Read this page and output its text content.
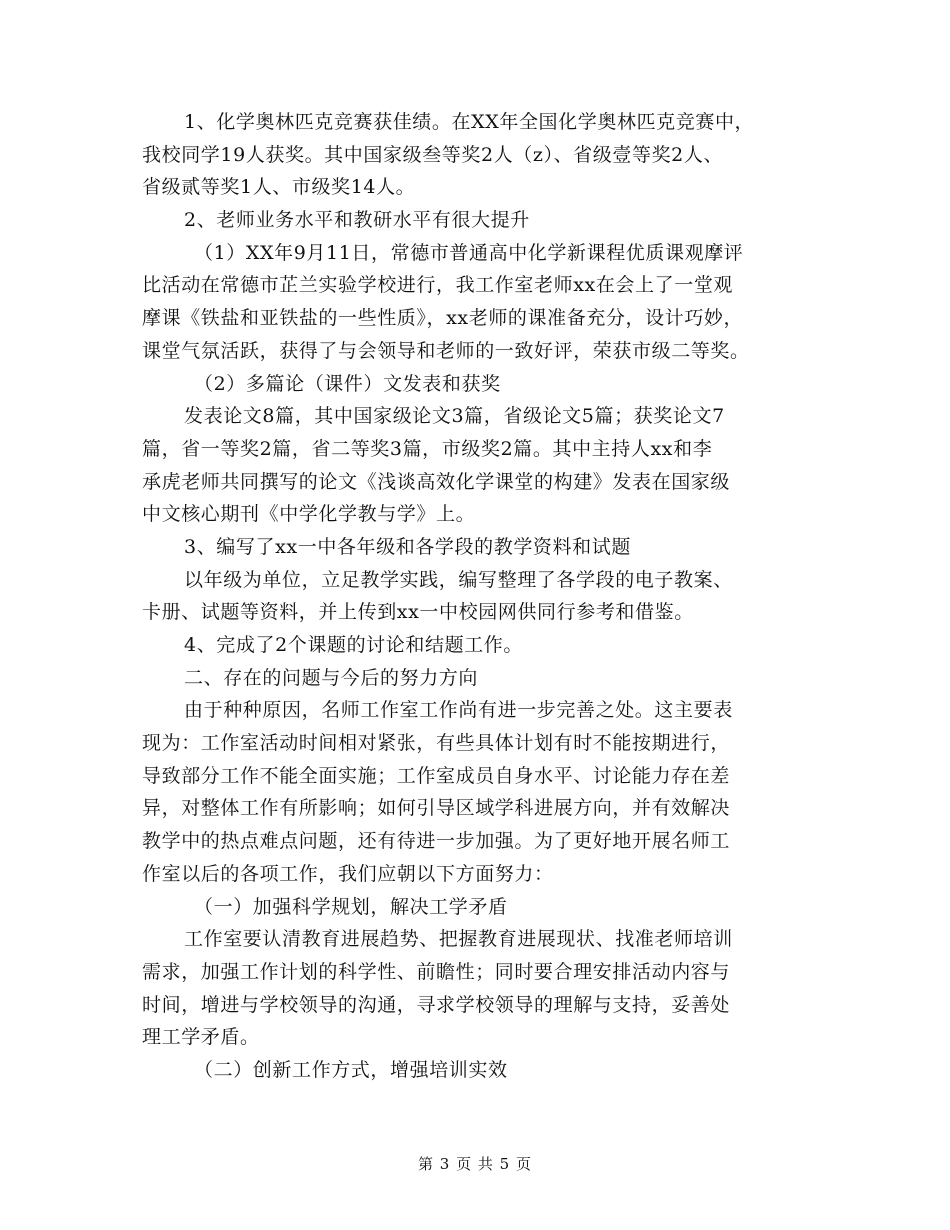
1、化学奥林匹克竞赛获佳绩。在XX年全国化学奥林匹克竞赛中，
我校同学19人获奖。其中国家级叁等奖2人（z）、省级壹等奖2人、
省级贰等奖1人、市级奖14人。
2、老师业务水平和教研水平有很大提升
（1）XX年9月11日，常德市普通高中化学新课程优质课观摩评
比活动在常德市芷兰实验学校进行，我工作室老师xx在会上了一堂观
摩课《铁盐和亚铁盐的一些性质》，xx老师的课准备充分，设计巧妙，
课堂气氛活跃，获得了与会领导和老师的一致好评，荣获市级二等奖。
（2）多篇论（课件）文发表和获奖
发表论文8篇，其中国家级论文3篇，省级论文5篇；获奖论文7
篇，省一等奖2篇，省二等奖3篇，市级奖2篇。其中主持人xx和李
承虎老师共同撰写的论文《浅谈高效化学课堂的构建》发表在国家级
中文核心期刊《中学化学教与学》上。
3、编写了xx一中各年级和各学段的教学资料和试题
以年级为单位，立足教学实践，编写整理了各学段的电子教案、
卡册、试题等资料，并上传到xx一中校园网供同行参考和借鉴。
4、完成了2个课题的讨论和结题工作。
二、存在的问题与今后的努力方向
由于种种原因，名师工作室工作尚有进一步完善之处。这主要表
现为：工作室活动时间相对紧张，有些具体计划有时不能按期进行，
导致部分工作不能全面实施；工作室成员自身水平、讨论能力存在差
异，对整体工作有所影响；如何引导区域学科进展方向，并有效解决
教学中的热点难点问题，还有待进一步加强。为了更好地开展名师工
作室以后的各项工作，我们应朝以下方面努力：
（一）加强科学规划，解决工学矛盾
工作室要认清教育进展趋势、把握教育进展现状、找准老师培训
需求，加强工作计划的科学性、前瞻性；同时要合理安排活动内容与
时间，增进与学校领导的沟通，寻求学校领导的理解与支持，妥善处
理工学矛盾。
（二）创新工作方式，增强培训实效
第 3 页 共 5 页
